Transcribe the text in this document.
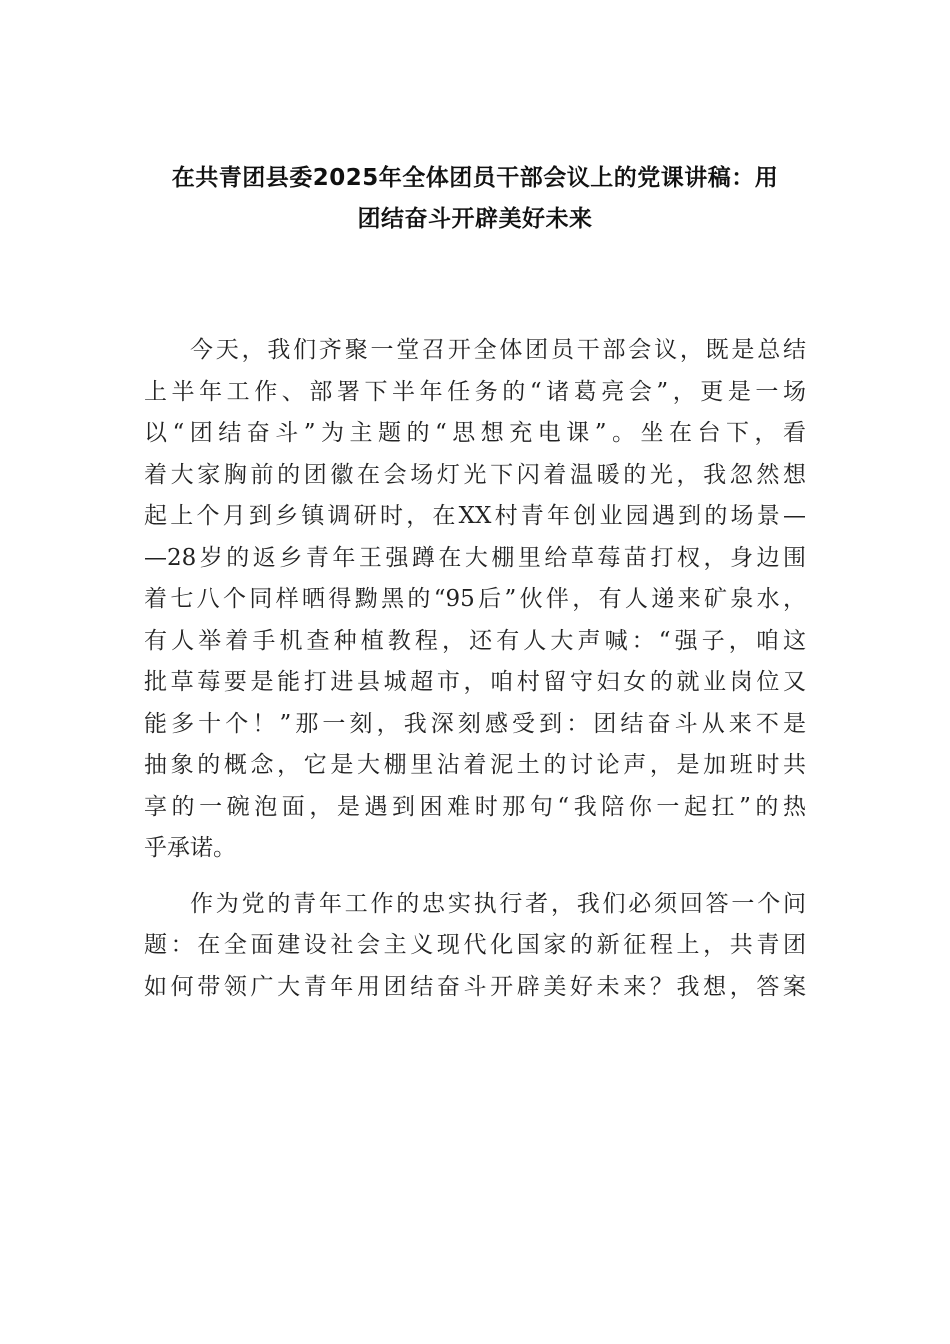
在共青团县委2025年全体团员干部会议上的党课讲稿：用
团结奋斗开辟美好未来
今天，我们齐聚一堂召开全体团员干部会议，既是总结
上半年工作、部署下半年任务的“诸葛亮会”，更是一场
以“团结奋斗”为主题的“思想充电课”。坐在台下，看
着大家胸前的团徽在会场灯光下闪着温暖的光，我忽然想
起上个月到乡镇调研时，在XX村青年创业园遇到的场景—
—28岁的返乡青年王强蹲在大棚里给草莓苗打杈，身边围
着七八个同样晒得黝黑的“95后”伙伴，有人递来矿泉水，
有人举着手机查种植教程，还有人大声喊：“强子，咱这
批草莓要是能打进县城超市，咱村留守妇女的就业岗位又
能多十个！”那一刻，我深刻感受到：团结奋斗从来不是
抽象的概念，它是大棚里沾着泥土的讨论声，是加班时共
享的一碗泡面，是遇到困难时那句“我陪你一起扛”的热
乎承诺。
作为党的青年工作的忠实执行者，我们必须回答一个问
题：在全面建设社会主义现代化国家的新征程上，共青团
如何带领广大青年用团结奋斗开辟美好未来？我想，答案
